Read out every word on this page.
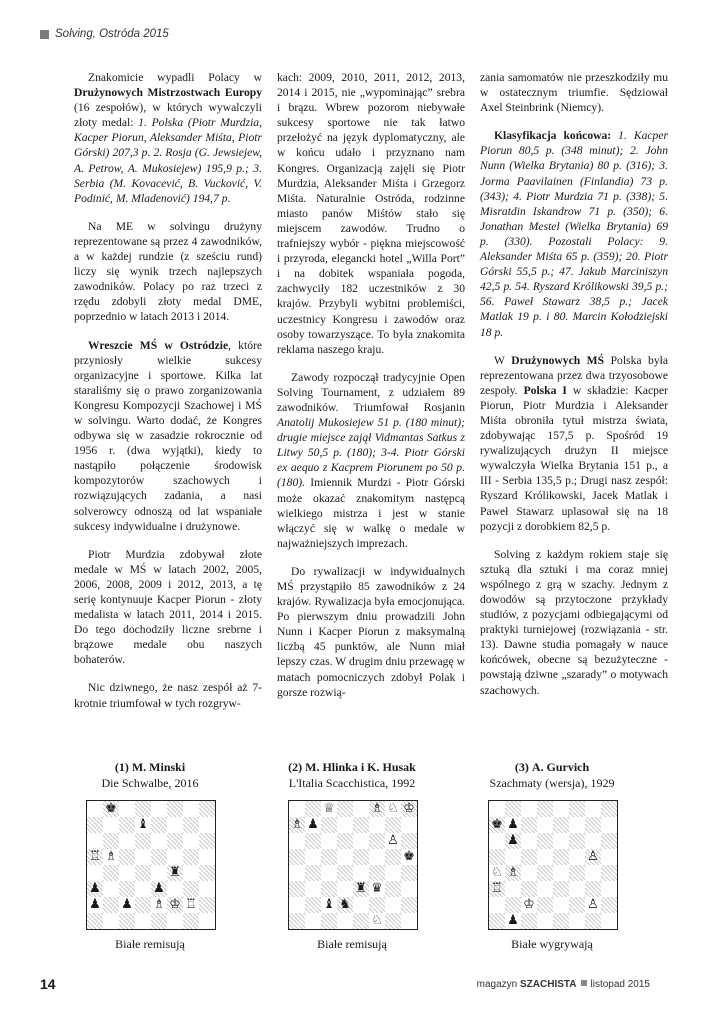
Solving, Ostróda 2015

Znakomicie wypadli Polacy w Drużynowych Mistrzostwach Europy (16 zespołów), w których wywalczyli złoty medal: 1. Polska (Piotr Murdzia, Kacper Piorun, Aleksander Miśta, Piotr Górski) 207,3 p. 2. Rosja (G. Jewsiejew, A. Petrow, A. Mukosiejew) 195,9 p.; 3. Serbia (M. Kovacević, B. Vucković, V. Podinić, M. Mladenović) 194,7 p.

Na ME w solvingu drużyny reprezentowane są przez 4 zawodników, a w każdej rundzie (z sześciu rund) liczy się wynik trzech najlepszych zawodników. Polacy po raz trzeci z rzędu zdobyli złoty medal DME, poprzednio w latach 2013 i 2014.

Wreszcie MŚ w Ostródzie, które przyniosły wielkie sukcesy organizacyjne i sportowe. Kilka lat staraliśmy się o prawo zorganizowania Kongresu Kompozycji Szachowej i MŚ w solvingu. Warto dodać, że Kongres odbywa się w zasadzie rokrocznie od 1956 r. (dwa wyjątki), kiedy to nastąpiło połączenie środowisk kompozytorów szachowych i rozwiązujących zadania, a nasi solverowcy odnoszą od lat wspaniałe sukcesy indywidualne i drużynowe.

Piotr Murdzia zdobywał złote medale w MŚ w latach 2002, 2005, 2006, 2008, 2009 i 2012, 2013, a tę serię kontynuuje Kacper Piorun - złoty medalista w latach 2011, 2014 i 2015. Do tego dochodziły liczne srebrne i brązowe medale obu naszych bohaterów.

Nic dziwnego, że nasz zespół aż 7-krotnie triumfował w tych rozgryw-

kach: 2009, 2010, 2011, 2012, 2013, 2014 i 2015, nie „wypominając” srebra i brązu. Wbrew pozorom niebywałe sukcesy sportowe nie tak łatwo przełożyć na język dyplomatyczny, ale w końcu udało i przyznano nam Kongres. Organizacją zajęli się Piotr Murdzia, Aleksander Miśta i Grzegorz Miśta. Naturalnie Ostróda, rodzinne miasto panów Miśtów stało się miejscem zawodów. Trudno o trafniejszy wybór - piękna miejscowość i przyroda, elegancki hotel „Willa Port” i na dobitek wspaniała pogoda, zachwyciły 182 uczestników z 30 krajów. Przybyli wybitni problemiści, uczestnicy Kongresu i zawodów oraz osoby towarzyszące. To była znakomita reklama naszego kraju.

Zawody rozpoczął tradycyjnie Open Solving Tournament, z udziałem 89 zawodników. Triumfował Rosjanin Anatolij Mukosiejew 51 p. (180 minut); drugie miejsce zajął Vidmantas Satkus z Litwy 50,5 p. (180); 3-4. Piotr Górski ex aequo z Kacprem Piorunem po 50 p. (180). Imiennik Murdzi - Piotr Górski może okazać znakomitym następcą wielkiego mistrza i jest w stanie włączyć się w walkę o medale w najważniejszych imprezach.

Do rywalizacji w indywidualnych MŚ przystąpiło 85 zawodników z 24 krajów. Rywalizacja była emocjonująca. Po pierwszym dniu prowadzili John Nunn i Kacper Piorun z maksymalną liczbą 45 punktów, ale Nunn miał lepszy czas. W drugim dniu przewagę w matach pomocniczych zdobył Polak i gorsze rozwią-

zania samomatów nie przeszkodziły mu w ostatecznym triumfie. Sędziował Axel Steinbrink (Niemcy).

Klasyfikacja końcowa: 1. Kacper Piorun 80,5 p. (348 minut); 2. John Nunn (Wielka Brytania) 80 p. (316); 3. Jorma Paavilainen (Finlandia) 73 p. (343); 4. Piotr Murdzia 71 p. (338); 5. Misratdin Iskandrow 71 p. (350); 6. Jonathan Mestel (Wielka Brytania) 69 p. (330). Pozostali Polacy: 9. Aleksander Miśta 65 p. (359); 20. Piotr Górski 55,5 p.; 47. Jakub Marciniszyn 42,5 p. 54. Ryszard Królikowski 39,5 p.; 56. Paweł Stawarz 38,5 p.; Jacek Matlak 19 p. i 80. Marcin Kołodziejski 18 p.

W Drużynowych MŚ Polska była reprezentowana przez dwa trzyosobowe zespoły. Polska I w składzie: Kacper Piorun, Piotr Murdzia i Aleksander Miśta obroniła tytuł mistrza świata, zdobywając 157,5 p. Spośród 19 rywalizujących drużyn II miejsce wywalczyła Wielka Brytania 151 p., a III - Serbia 135,5 p.; Drugi nasz zespół: Ryszard Królikowski, Jacek Matlak i Paweł Stawarz uplasował się na 18 pozycji z dorobkiem 82,5 p.

Solving z każdym rokiem staje się sztuką dla sztuki i ma coraz mniej wspólnego z grą w szachy. Jednym z dowodów są przytoczone przykłady studiów, z pozycjami odbiegającymi od praktyki turniejowej (rozwiązania - str. 13). Dawne studia pomagały w nauce końcówek, obecne są bezużyteczne - powstają dziwne „szarady” o motywach szachowych.

(1) M. Minski
Die Schwalbe, 2016
♚
♝
♖ ♗
♜
♟	♟
♟ ♟ ♗ ♔ ♖
Białe remisują
(2) M. Hlinka i K. Husak
L'Italia Scacchistica, 1992
♕	♗ ♘ ♔
♗ ♟
♙
♚
♜ ♛
♝ ♞
♘
Białe remisują
(3) A. Gurvich
Szachmaty (wersja), 1929
♚ ♟
♟
♙
♘ ♗
♖
♔	♙
♟
Białe wygrywają
14	magazyn SZACHISTA listopad 2015
